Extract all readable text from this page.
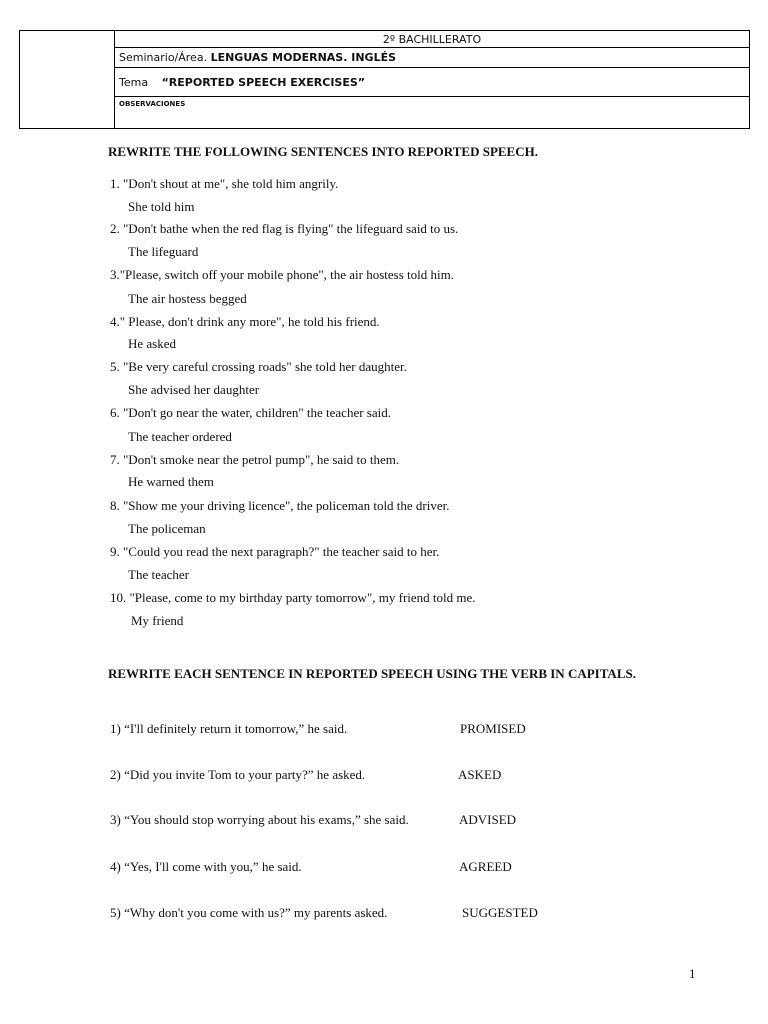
	2º BACHILLERATO
Seminario/Área. LENGUAS MODERNAS. INGLÉS
Tema “REPORTED SPEECH EXERCISES”
OBSERVACIONES
REWRITE THE FOLLOWING SENTENCES INTO REPORTED SPEECH.
1. "Don't shout at me", she told him angrily.
She told him
2. "Don't bathe when the red flag is flying" the lifeguard said to us.
The lifeguard
3."Please, switch off your mobile phone", the air hostess told him.
The air hostess begged
4." Please, don't drink any more", he told his friend.
He asked
5. "Be very careful crossing roads" she told her daughter.
She advised her daughter
6. "Don't go near the water, children" the teacher said.
The teacher ordered
7. "Don't smoke near the petrol pump", he said to them.
He warned them
8. "Show me your driving licence", the policeman told the driver.
The policeman
9. "Could you read the next paragraph?" the teacher said to her.
The teacher
10. "Please, come to my birthday party tomorrow", my friend told me.
My friend
REWRITE EACH SENTENCE IN REPORTED SPEECH USING THE VERB IN CAPITALS.
1) “I'll definitely return it tomorrow,” he said.	PROMISED
2) “Did you invite Tom to your party?” he asked.	ASKED
3) “You should stop worrying about his exams,” she said.	ADVISED
4) “Yes, I'll come with you,” he said.	AGREED
5) “Why don't you come with us?” my parents asked.	SUGGESTED
1
